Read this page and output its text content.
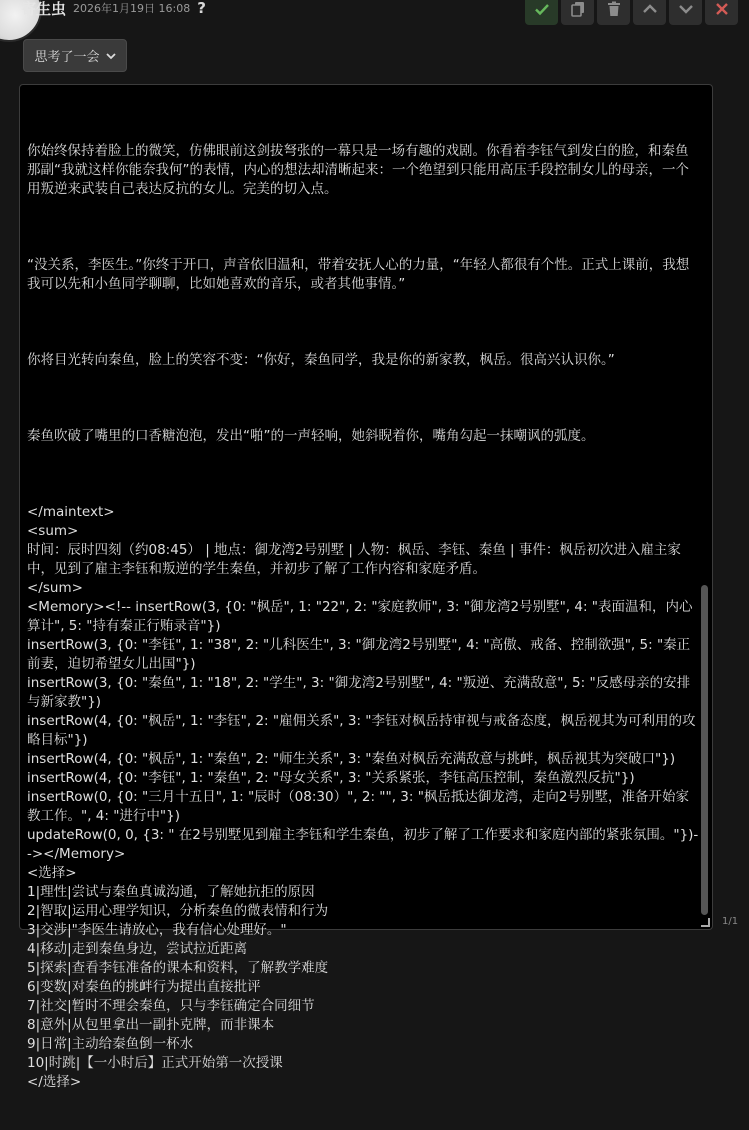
寄生虫 2026年1月19日 16:08 ?
思考了一会

你始终保持着脸上的微笑，仿佛眼前这剑拔弩张的一幕只是一场有趣的戏剧。你看着李钰气到发白的脸，和秦鱼那副“我就这样你能奈我何”的表情，内心的想法却清晰起来：一个绝望到只能用高压手段控制女儿的母亲，一个用叛逆来武装自己表达反抗的女儿。完美的切入点。

“没关系，李医生。”你终于开口，声音依旧温和，带着安抚人心的力量，“年轻人都很有个性。正式上课前，我想我可以先和小鱼同学聊聊，比如她喜欢的音乐，或者其他事情。”

你将目光转向秦鱼，脸上的笑容不变：“你好，秦鱼同学，我是你的新家教，枫岳。很高兴认识你。”

秦鱼吹破了嘴里的口香糖泡泡，发出“啪”的一声轻响，她斜睨着你，嘴角勾起一抹嘲讽的弧度。

</maintext>
<sum>
时间：辰时四刻（约08:45） | 地点：御龙湾2号别墅 | 人物：枫岳、李钰、秦鱼 | 事件：枫岳初次进入雇主家中，见到了雇主李钰和叛逆的学生秦鱼，并初步了解了工作内容和家庭矛盾。
</sum>
<Memory><!-- insertRow(3, {0: "枫岳", 1: "22", 2: "家庭教师", 3: "御龙湾2号别墅", 4: "表面温和，内心算计", 5: "持有秦正行贿录音"})
insertRow(3, {0: "李钰", 1: "38", 2: "儿科医生", 3: "御龙湾2号别墅", 4: "高傲、戒备、控制欲强", 5: "秦正前妻，迫切希望女儿出国"})
insertRow(3, {0: "秦鱼", 1: "18", 2: "学生", 3: "御龙湾2号别墅", 4: "叛逆、充满敌意", 5: "反感母亲的安排与新家教"})
insertRow(4, {0: "枫岳", 1: "李钰", 2: "雇佣关系", 3: "李钰对枫岳持审视与戒备态度，枫岳视其为可利用的攻略目标"})
insertRow(4, {0: "枫岳", 1: "秦鱼", 2: "师生关系", 3: "秦鱼对枫岳充满敌意与挑衅，枫岳视其为突破口"})
insertRow(4, {0: "李钰", 1: "秦鱼", 2: "母女关系", 3: "关系紧张，李钰高压控制，秦鱼激烈反抗"})
insertRow(0, {0: "三月十五日", 1: "辰时（08:30）", 2: "", 3: "枫岳抵达御龙湾，走向2号别墅，准备开始家教工作。", 4: "进行中"})
updateRow(0, 0, {3: " 在2号别墅见到雇主李钰和学生秦鱼，初步了解了工作要求和家庭内部的紧张氛围。"})--></Memory>
<选择>
1|理性|尝试与秦鱼真诚沟通，了解她抗拒的原因
2|智取|运用心理学知识，分析秦鱼的微表情和行为
3|交涉|"李医生请放心，我有信心处理好。"
4|移动|走到秦鱼身边，尝试拉近距离
5|探索|查看李钰准备的课本和资料，了解教学难度
6|变数|对秦鱼的挑衅行为提出直接批评
7|社交|暂时不理会秦鱼，只与李钰确定合同细节
8|意外|从包里拿出一副扑克牌，而非课本
9|日常|主动给秦鱼倒一杯水
10|时跳|【一小时后】正式开始第一次授课
</选择>

1/1
